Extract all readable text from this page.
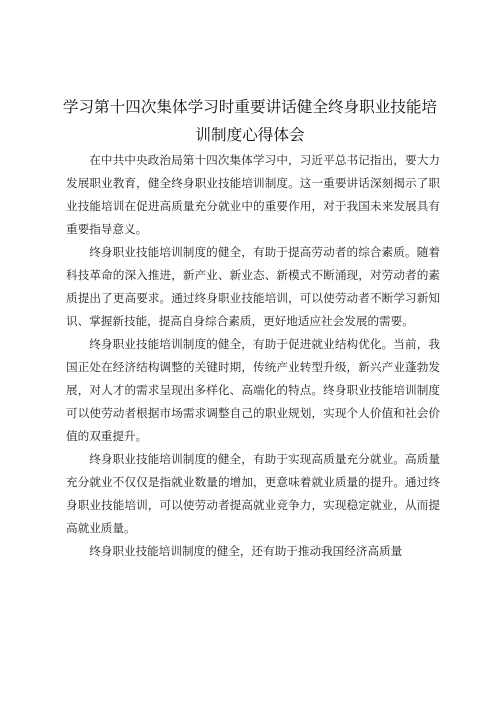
学习第十四次集体学习时重要讲话健全终身职业技能培训制度心得体会

在中共中央政治局第十四次集体学习中，习近平总书记指出，要大力发展职业教育，健全终身职业技能培训制度。这一重要讲话深刻揭示了职业技能培训在促进高质量充分就业中的重要作用，对于我国未来发展具有重要指导意义。

终身职业技能培训制度的健全，有助于提高劳动者的综合素质。随着科技革命的深入推进，新产业、新业态、新模式不断涌现，对劳动者的素质提出了更高要求。通过终身职业技能培训，可以使劳动者不断学习新知识、掌握新技能，提高自身综合素质，更好地适应社会发展的需要。

终身职业技能培训制度的健全，有助于促进就业结构优化。当前，我国正处在经济结构调整的关键时期，传统产业转型升级，新兴产业蓬勃发展，对人才的需求呈现出多样化、高端化的特点。终身职业技能培训制度可以使劳动者根据市场需求调整自己的职业规划，实现个人价值和社会价值的双重提升。

终身职业技能培训制度的健全，有助于实现高质量充分就业。高质量充分就业不仅仅是指就业数量的增加，更意味着就业质量的提升。通过终身职业技能培训，可以使劳动者提高就业竞争力，实现稳定就业，从而提高就业质量。

终身职业技能培训制度的健全，还有助于推动我国经济高质量
